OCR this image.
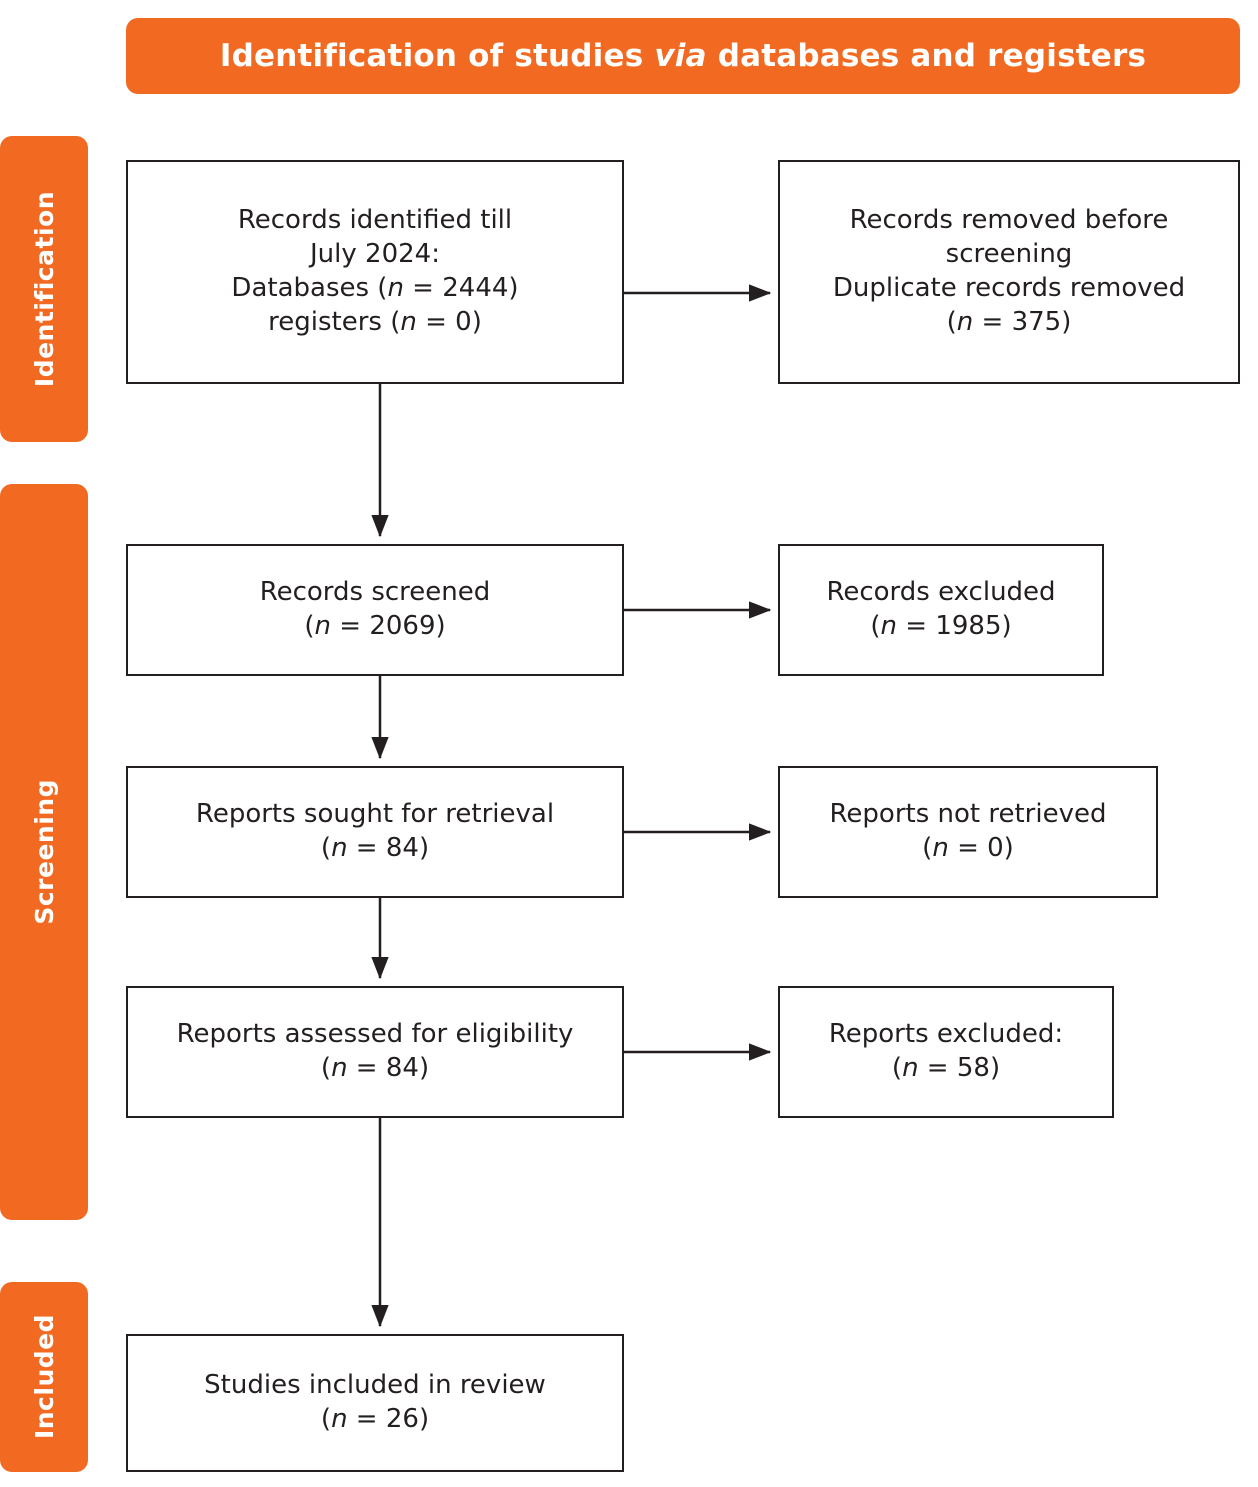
Identification of studies via databases and registers
Identification
Screening
Included
Records identified till
July 2024:
Databases (n = 2444)
registers (n = 0)
Records removed before
screening
Duplicate records removed
(n = 375)
Records screened
(n = 2069)
Records excluded
(n = 1985)
Reports sought for retrieval
(n = 84)
Reports not retrieved
(n = 0)
Reports assessed for eligibility
(n = 84)
Reports excluded:
(n = 58)
Studies included in review
(n = 26)
